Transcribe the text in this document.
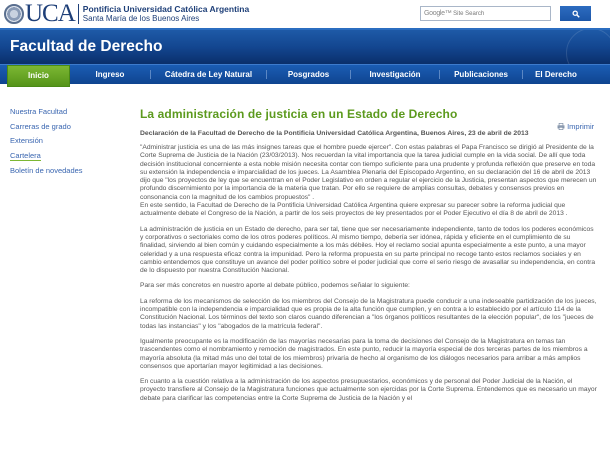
UCA Pontificia Universidad Católica Argentina
Santa María de los Buenos Aires
Google™ Site Search
Facultad de Derecho
Inicio	Ingreso	Cátedra de Ley Natural	Posgrados	Investigación	Publicaciones	El Derecho
Nuestra Facultad
Carreras de grado
Extensión
Cartelera
Boletín de novedades
Imprimir
La administración de justicia en un Estado de Derecho
Declaración de la Facultad de Derecho de la Pontificia Universidad Católica Argentina, Buenos Aires, 23 de abril de 2013

"Administrar justicia es una de las más insignes tareas que el hombre puede ejercer". Con estas palabras el Papa Francisco se dirigió al Presidente de la Corte Suprema de Justicia de la Nación (23/03/2013). Nos recuerdan la vital importancia que la tarea judicial cumple en la vida social. De allí que toda decisión institucional concerniente a esta noble misión necesita contar con tiempo suficiente para una prudente y profunda reflexión que preserve en toda su extensión la independencia e imparcialidad de los jueces. La Asamblea Plenaria del Episcopado Argentino, en su declaración del 16 de abril de 2013 dijo que "los proyectos de ley que se encuentran en el Poder Legislativo en orden a regular el ejercicio de la Justicia, presentan aspectos que merecen un profundo discernimiento por la importancia de la materia que tratan. Por ello se requiere de amplias consultas, debates y consensos previos en consonancia con la magnitud de los cambios propuestos" .

En este sentido, la Facultad de Derecho de la Pontificia Universidad Católica Argentina quiere expresar su parecer sobre la reforma judicial que actualmente debate el Congreso de la Nación, a partir de los seis proyectos de ley presentados por el Poder Ejecutivo el día 8 de abril de 2013 .

La administración de justicia en un Estado de derecho, para ser tal, tiene que ser necesariamente independiente, tanto de todos los poderes económicos y corporativos o sectoriales como de los otros poderes políticos. Al mismo tiempo, debería ser idónea, rápida y eficiente en el cumplimiento de su finalidad, sirviendo al bien común y cuidando especialmente a los más débiles. Hoy el reclamo social apunta especialmente a este punto, a una mayor celeridad y a una respuesta eficaz contra la impunidad. Pero la reforma propuesta en su parte principal no recoge tanto estos reclamos sociales y en cambio entendemos que constituye un avance del poder político sobre el poder judicial que corre el serio riesgo de avasallar su independencia, en contra de lo dispuesto por nuestra Constitución Nacional.

Para ser más concretos en nuestro aporte al debate público, podemos señalar lo siguiente:

La reforma de los mecanismos de selección de los miembros del Consejo de la Magistratura puede conducir a una indeseable partidización de los jueces, incompatible con la independencia e imparcialidad que es propia de la alta función que cumplen, y en contra a lo establecido por el artículo 114 de la Constitución Nacional. Los términos del texto son claros cuando diferencian a "los órganos políticos resultantes de la elección popular", de los "jueces de todas las instancias" y los "abogados de la matrícula federal".

Igualmente preocupante es la modificación de las mayorías necesarias para la toma de decisiones del Consejo de la Magistratura en temas tan trascendentes como el nombramiento y remoción de magistrados. En este punto, reducir la mayoría especial de dos terceras partes de los miembros a mayoría absoluta (la mitad más uno del total de los miembros) privaría de hecho al organismo de los diálogos necesarios para arribar a más amplios consensos que aportarían mayor legitimidad a las decisiones.

En cuanto a la cuestión relativa a la administración de los aspectos presupuestarios, económicos y de personal del Poder Judicial de la Nación, el proyecto transfiere al Consejo de la Magistratura funciones que actualmente son ejercidas por la Corte Suprema. Entendemos que es necesario un mayor debate para clarificar las competencias entre la Corte Suprema de Justicia de la Nación y el
